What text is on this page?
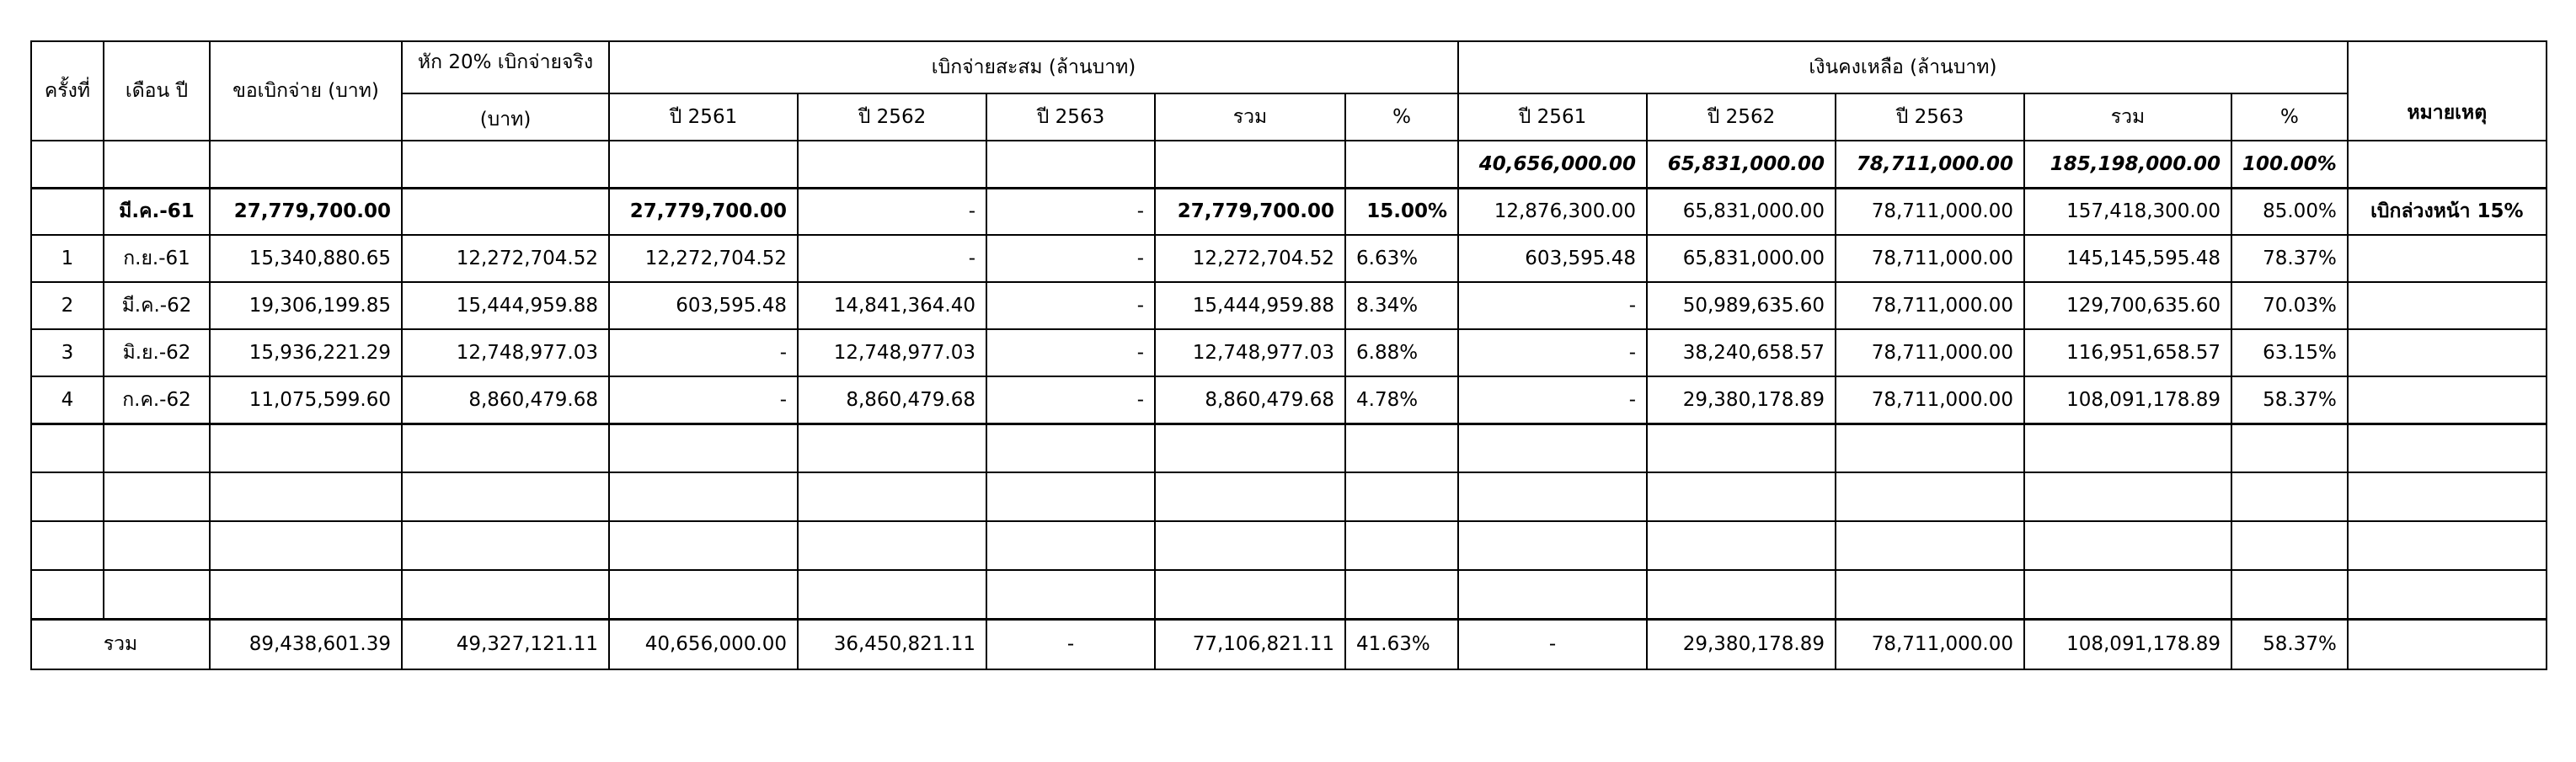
ครั้งที่	เดือน ปี	ขอเบิกจ่าย (บาท)	หัก 20% เบิกจ่ายจริง	เบิกจ่ายสะสม (ล้านบาท)					เงินคงเหลือ (ล้านบาท)					หมายเหตุ
			(บาท)	ปี 2561	ปี 2562	ปี 2563	รวม	%	ปี 2561	ปี 2562	ปี 2563	รวม	%	
									40,656,000.00	65,831,000.00	78,711,000.00	185,198,000.00	100.00%	
	มี.ค.-61	27,779,700.00		27,779,700.00	-	-	27,779,700.00	15.00%	12,876,300.00	65,831,000.00	78,711,000.00	157,418,300.00	85.00%	เบิกล่วงหน้า 15%
1	ก.ย.-61	15,340,880.65	12,272,704.52	12,272,704.52	-	-	12,272,704.52	6.63%	603,595.48	65,831,000.00	78,711,000.00	145,145,595.48	78.37%	
2	มี.ค.-62	19,306,199.85	15,444,959.88	603,595.48	14,841,364.40	-	15,444,959.88	8.34%	-	50,989,635.60	78,711,000.00	129,700,635.60	70.03%	
3	มิ.ย.-62	15,936,221.29	12,748,977.03	-	12,748,977.03	-	12,748,977.03	6.88%	-	38,240,658.57	78,711,000.00	116,951,658.57	63.15%	
4	ก.ค.-62	11,075,599.60	8,860,479.68	-	8,860,479.68	-	8,860,479.68	4.78%	-	29,380,178.89	78,711,000.00	108,091,178.89	58.37%	

รวม		89,438,601.39	49,327,121.11	40,656,000.00	36,450,821.11	-	77,106,821.11	41.63%	-	29,380,178.89	78,711,000.00	108,091,178.89	58.37%	
